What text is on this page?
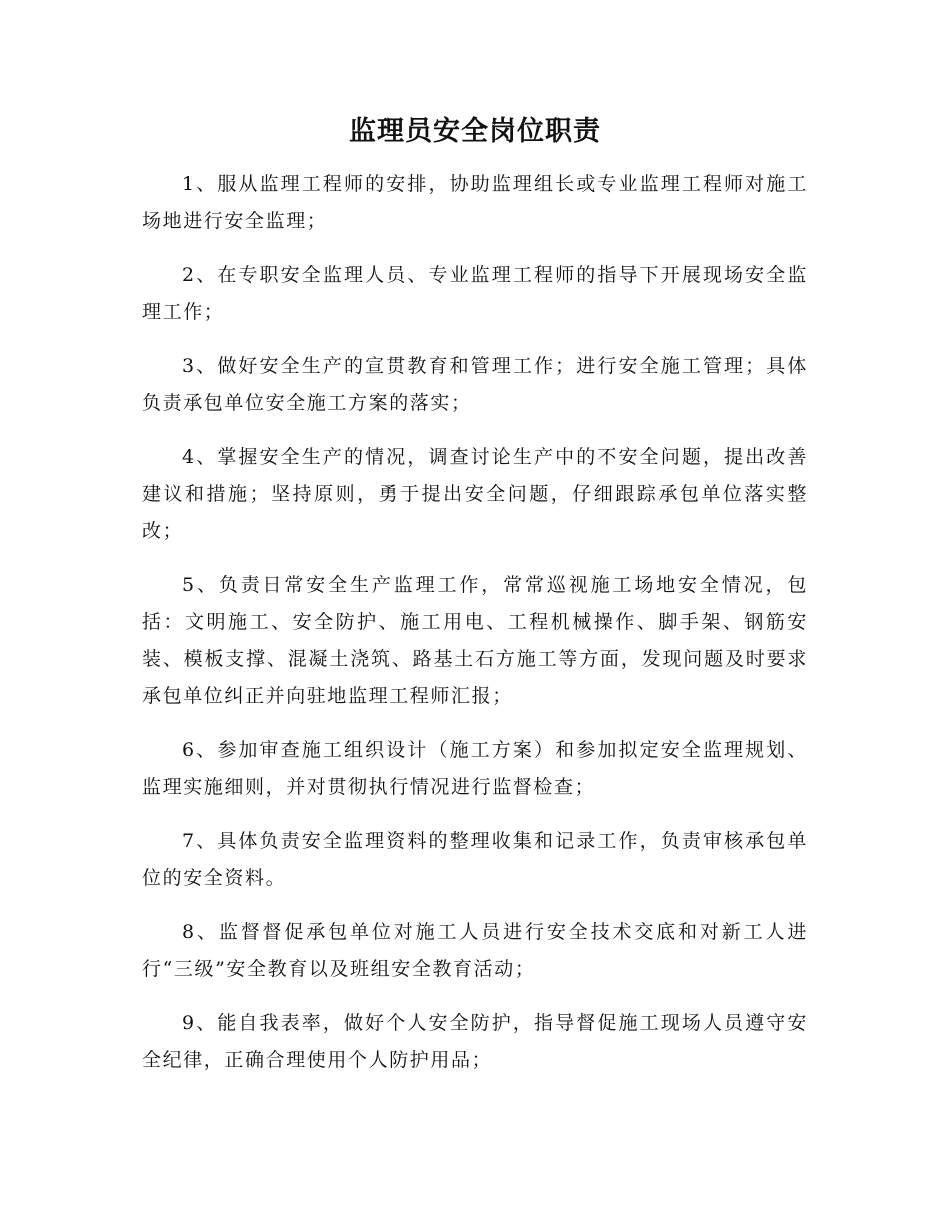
监理员安全岗位职责

1、服从监理工程师的安排，协助监理组长或专业监理工程师对施工场地进行安全监理；

2、在专职安全监理人员、专业监理工程师的指导下开展现场安全监理工作；

3、做好安全生产的宣贯教育和管理工作；进行安全施工管理；具体负责承包单位安全施工方案的落实；

4、掌握安全生产的情况，调查讨论生产中的不安全问题，提出改善建议和措施；坚持原则，勇于提出安全问题，仔细跟踪承包单位落实整改；

5、负责日常安全生产监理工作，常常巡视施工场地安全情况，包括：文明施工、安全防护、施工用电、工程机械操作、脚手架、钢筋安装、模板支撑、混凝土浇筑、路基土石方施工等方面，发现问题及时要求承包单位纠正并向驻地监理工程师汇报；

6、参加审查施工组织设计（施工方案）和参加拟定安全监理规划、监理实施细则，并对贯彻执行情况进行监督检查；

7、具体负责安全监理资料的整理收集和记录工作，负责审核承包单位的安全资料。

8、监督督促承包单位对施工人员进行安全技术交底和对新工人进行“三级”安全教育以及班组安全教育活动；

9、能自我表率，做好个人安全防护，指导督促施工现场人员遵守安全纪律，正确合理使用个人防护用品；
